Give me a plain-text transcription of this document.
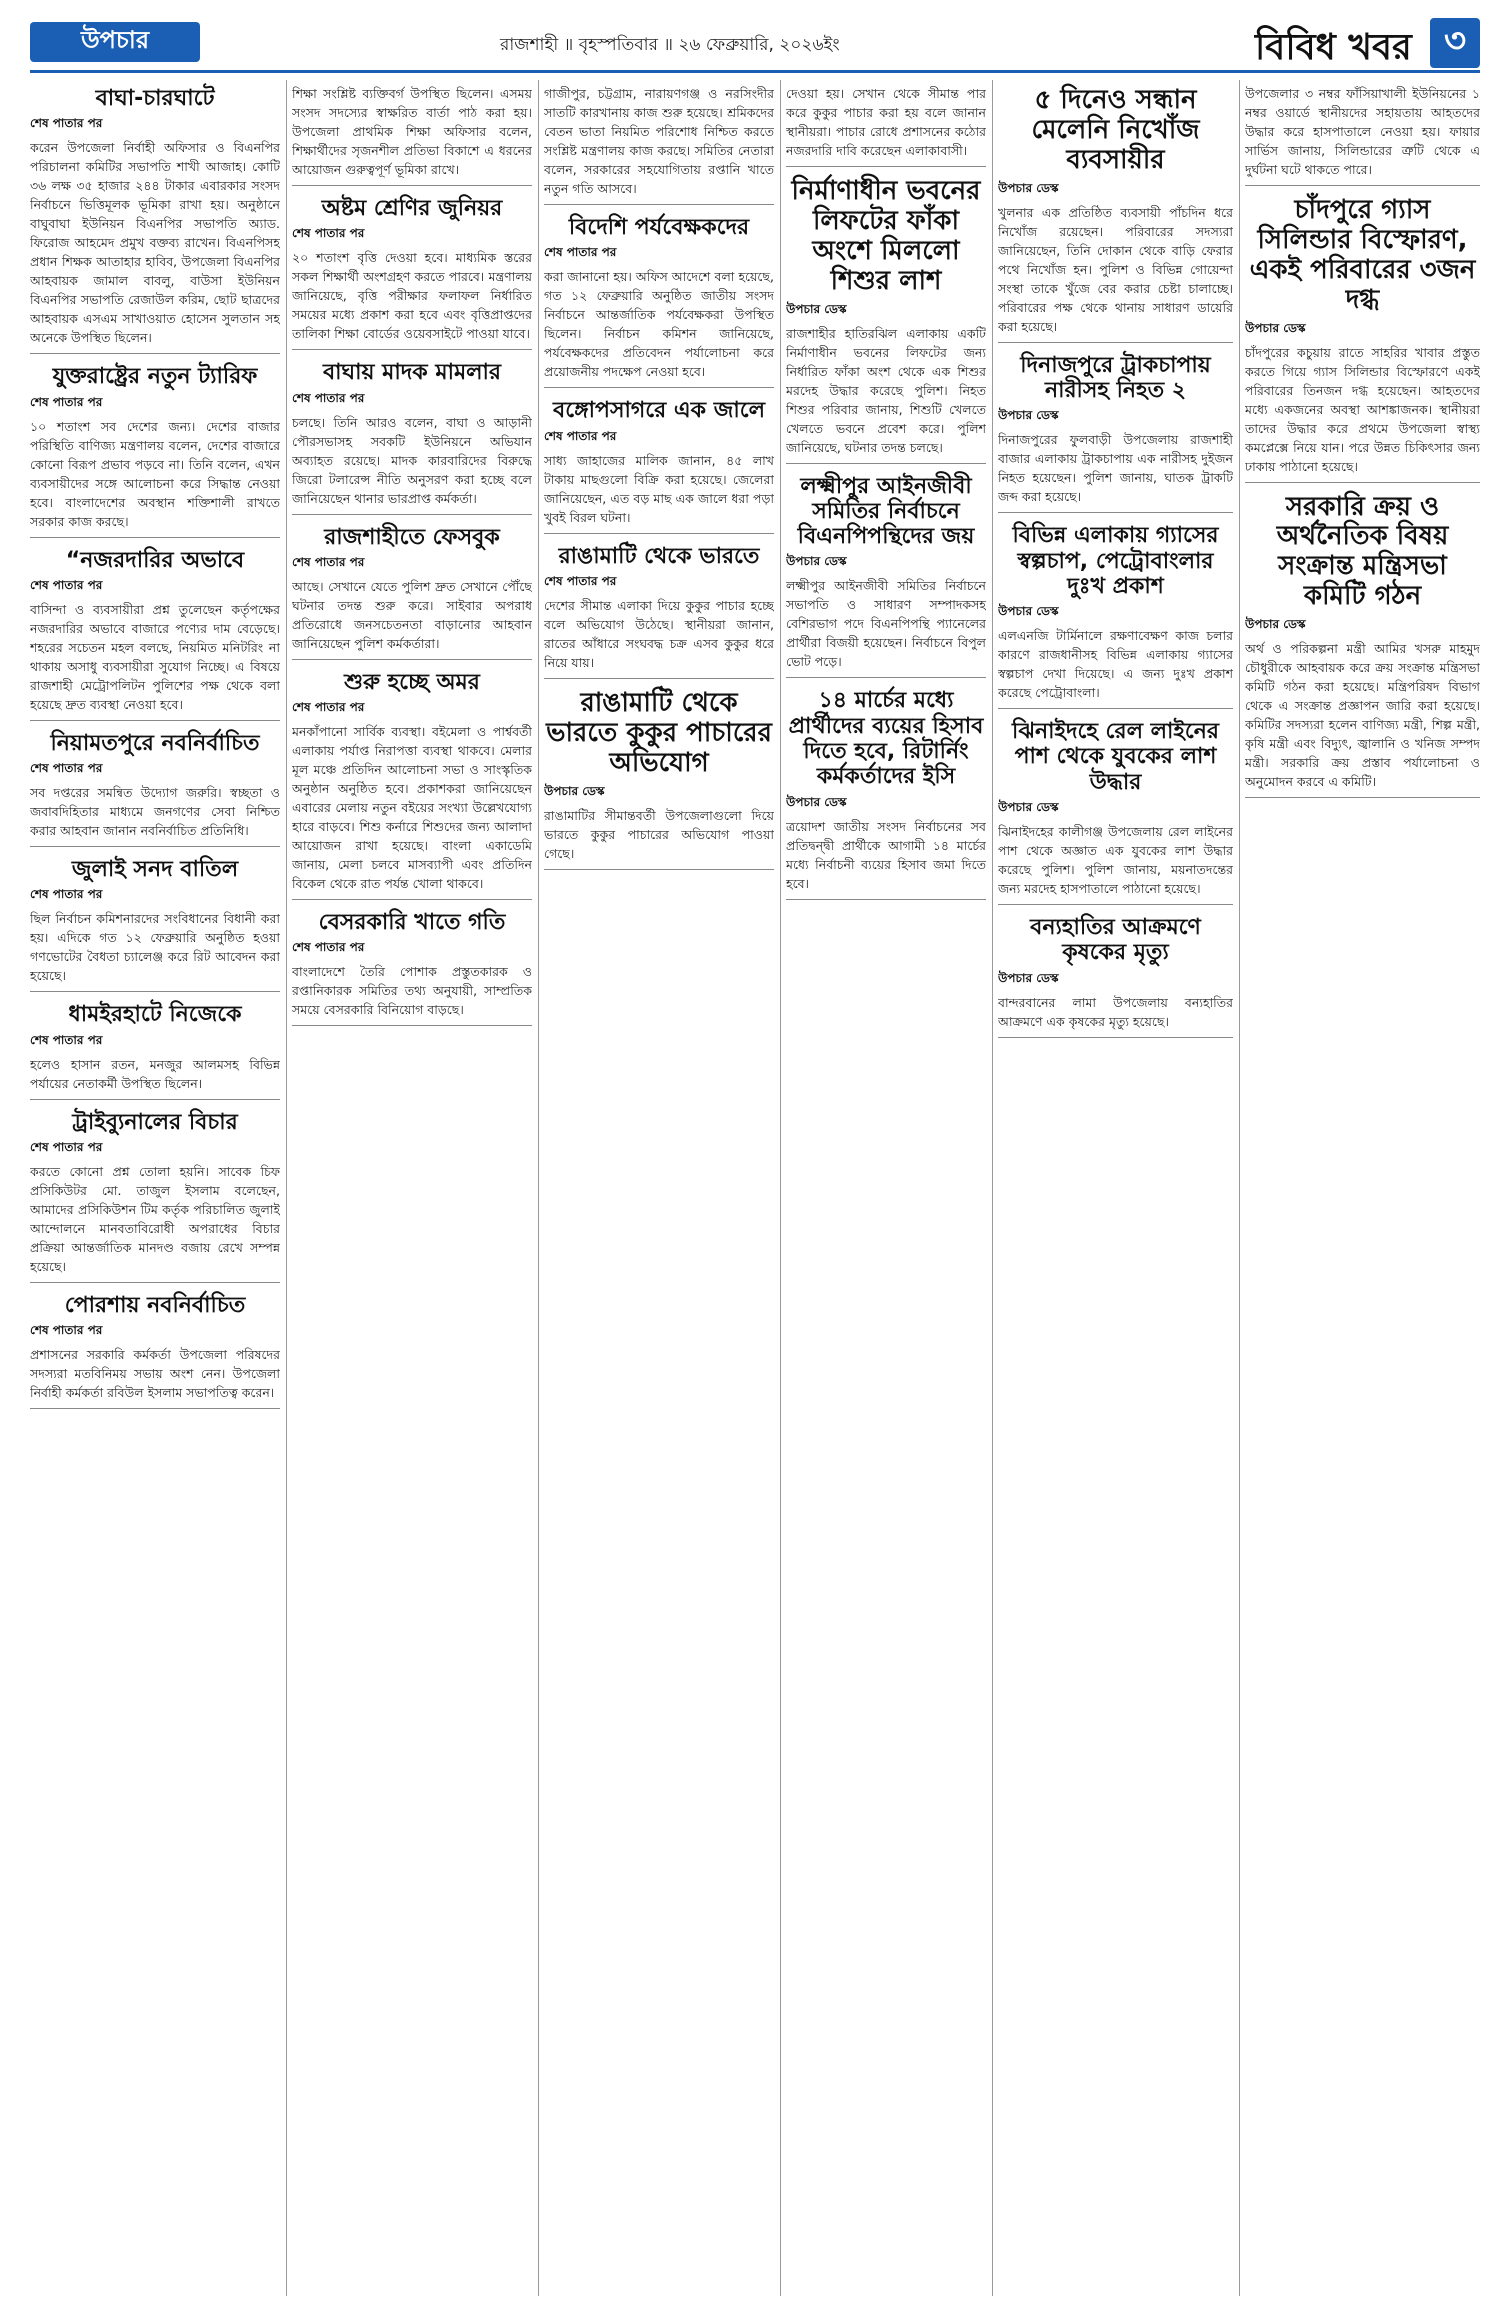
উপচার	রাজশাহী ॥ বৃহস্পতিবার ॥ ২৬ ফেব্রুয়ারি, ২০২৬ইং	বিবিধ খবর ৩
বাঘা-চারঘাটে
শেষ পাতার পর

করেন উপজেলা নির্বাহী অফিসার ও বিএনপির পরিচালনা কমিটির সভাপতি শাখী আজাহ। কোটি ৩৬ লক্ষ ৩৫ হাজার ২৪৪ টাকার এবারকার সংসদ নির্বাচনে ভিত্তিমূলক ভূমিকা রাখা হয়। অনুষ্ঠানে বাঘুবাঘা ইউনিয়ন বিএনপির সভাপতি অ্যাড. ফিরোজ আহমেদ প্রমুখ বক্তব্য রাখেন। বিএনপিসহ প্রধান শিক্ষক আতাহার হাবিব, উপজেলা বিএনপির আহবায়ক জামাল বাবলু, বাউসা ইউনিয়ন বিএনপির সভাপতি রেজাউল করিম, ছোট ছাত্রদের আহবায়ক এসএম সাখাওয়াত হোসেন সুলতান সহ অনেকে উপস্থিত ছিলেন।

যুক্তরাষ্ট্রের নতুন ট্যারিফ
শেষ পাতার পর

১০ শতাংশ সব দেশের জন্য। দেশের বাজার পরিস্থিতি বাণিজ্য মন্ত্রণালয় বলেন, দেশের বাজারে কোনো বিরূপ প্রভাব পড়বে না। তিনি বলেন, এখন ব্যবসায়ীদের সঙ্গে আলোচনা করে সিদ্ধান্ত নেওয়া হবে। বাংলাদেশের অবস্থান শক্তিশালী রাখতে সরকার কাজ করছে।

“নজরদারির অভাবে
শেষ পাতার পর

বাসিন্দা ও ব্যবসায়ীরা প্রশ্ন তুলেছেন কর্তৃপক্ষের নজরদারির অভাবে বাজারে পণ্যের দাম বেড়েছে। শহরের সচেতন মহল বলছে, নিয়মিত মনিটরিং না থাকায় অসাধু ব্যবসায়ীরা সুযোগ নিচ্ছে। এ বিষয়ে রাজশাহী মেট্রোপলিটন পুলিশের পক্ষ থেকে বলা হয়েছে দ্রুত ব্যবস্থা নেওয়া হবে।

নিয়ামতপুরে নবনির্বাচিত
শেষ পাতার পর

সব দপ্তরের সমন্বিত উদ্যোগ জরুরি। স্বচ্ছতা ও জবাবদিহিতার মাধ্যমে জনগণের সেবা নিশ্চিত করার আহবান জানান নবনির্বাচিত প্রতিনিধি।

জুলাই সনদ বাতিল
শেষ পাতার পর

ছিল নির্বাচন কমিশনারদের সংবিধানের বিধানী করা হয়। এদিকে গত ১২ ফেব্রুয়ারি অনুষ্ঠিত হওয়া গণভোটের বৈধতা চ্যালেঞ্জ করে রিট আবেদন করা হয়েছে।

ধামইরহাটে নিজেকে
শেষ পাতার পর

হলেও হাসান রতন, মনজুর আলমসহ বিভিন্ন পর্যায়ের নেতাকর্মী উপস্থিত ছিলেন।

ট্রাইব্যুনালের বিচার
শেষ পাতার পর

করতে কোনো প্রশ্ন তোলা হয়নি। সাবেক চিফ প্রসিকিউটর মো. তাজুল ইসলাম বলেছেন, আমাদের প্রসিকিউশন টিম কর্তৃক পরিচালিত জুলাই আন্দোলনে মানবতাবিরোধী অপরাধের বিচার প্রক্রিয়া আন্তর্জাতিক মানদণ্ড বজায় রেখে সম্পন্ন হয়েছে।

পোরশায় নবনির্বাচিত
শেষ পাতার পর

প্রশাসনের সরকারি কর্মকর্তা উপজেলা পরিষদের সদস্যরা মতবিনিময় সভায় অংশ নেন। উপজেলা নির্বাহী কর্মকর্তা রবিউল ইসলাম সভাপতিত্ব করেন।

শিক্ষা সংশ্লিষ্ট ব্যক্তিবর্গ উপস্থিত ছিলেন। এসময় সংসদ সদস্যের স্বাক্ষরিত বার্তা পাঠ করা হয়। উপজেলা প্রাথমিক শিক্ষা অফিসার বলেন, শিক্ষার্থীদের সৃজনশীল প্রতিভা বিকাশে এ ধরনের আয়োজন গুরুত্বপূর্ণ ভূমিকা রাখে।

অষ্টম শ্রেণির জুনিয়র
শেষ পাতার পর

২০ শতাংশ বৃত্তি দেওয়া হবে। মাধ্যমিক স্তরের সকল শিক্ষার্থী অংশগ্রহণ করতে পারবে। মন্ত্রণালয় জানিয়েছে, বৃত্তি পরীক্ষার ফলাফল নির্ধারিত সময়ের মধ্যে প্রকাশ করা হবে এবং বৃত্তিপ্রাপ্তদের তালিকা শিক্ষা বোর্ডের ওয়েবসাইটে পাওয়া যাবে।

বাঘায় মাদক মামলার
শেষ পাতার পর

চলছে। তিনি আরও বলেন, বাঘা ও আড়ানী পৌরসভাসহ সবকটি ইউনিয়নে অভিযান অব্যাহত রয়েছে। মাদক কারবারিদের বিরুদ্ধে জিরো টলারেন্স নীতি অনুসরণ করা হচ্ছে বলে জানিয়েছেন থানার ভারপ্রাপ্ত কর্মকর্তা।

রাজশাহীতে ফেসবুক
শেষ পাতার পর

আছে। সেখানে যেতে পুলিশ দ্রুত সেখানে পৌঁছে ঘটনার তদন্ত শুরু করে। সাইবার অপরাধ প্রতিরোধে জনসচেতনতা বাড়ানোর আহবান জানিয়েছেন পুলিশ কর্মকর্তারা।

শুরু হচ্ছে অমর
শেষ পাতার পর

মনকাঁপানো সার্বিক ব্যবস্থা। বইমেলা ও পার্শ্ববর্তী এলাকায় পর্যাপ্ত নিরাপত্তা ব্যবস্থা থাকবে। মেলার মূল মঞ্চে প্রতিদিন আলোচনা সভা ও সাংস্কৃতিক অনুষ্ঠান অনুষ্ঠিত হবে। প্রকাশকরা জানিয়েছেন এবারের মেলায় নতুন বইয়ের সংখ্যা উল্লেখযোগ্য হারে বাড়বে। শিশু কর্নারে শিশুদের জন্য আলাদা আয়োজন রাখা হয়েছে। বাংলা একাডেমি জানায়, মেলা চলবে মাসব্যাপী এবং প্রতিদিন বিকেল থেকে রাত পর্যন্ত খোলা থাকবে।

বেসরকারি খাতে গতি
শেষ পাতার পর

বাংলাদেশে তৈরি পোশাক প্রস্তুতকারক ও রপ্তানিকারক সমিতির তথ্য অনুযায়ী, সাম্প্রতিক সময়ে বেসরকারি বিনিয়োগ বাড়ছে।

গাজীপুর, চট্টগ্রাম, নারায়ণগঞ্জ ও নরসিংদীর সাতটি কারখানায় কাজ শুরু হয়েছে। শ্রমিকদের বেতন ভাতা নিয়মিত পরিশোধ নিশ্চিত করতে সংশ্লিষ্ট মন্ত্রণালয় কাজ করছে। সমিতির নেতারা বলেন, সরকারের সহযোগিতায় রপ্তানি খাতে নতুন গতি আসবে।

বিদেশি পর্যবেক্ষকদের
শেষ পাতার পর

করা জানানো হয়। অফিস আদেশে বলা হয়েছে, গত ১২ ফেব্রুয়ারি অনুষ্ঠিত জাতীয় সংসদ নির্বাচনে আন্তর্জাতিক পর্যবেক্ষকরা উপস্থিত ছিলেন। নির্বাচন কমিশন জানিয়েছে, পর্যবেক্ষকদের প্রতিবেদন পর্যালোচনা করে প্রয়োজনীয় পদক্ষেপ নেওয়া হবে।

বঙ্গোপসাগরে এক জালে
শেষ পাতার পর

সাধ্য জাহাজের মালিক জানান, ৪৫ লাখ টাকায় মাছগুলো বিক্রি করা হয়েছে। জেলেরা জানিয়েছেন, এত বড় মাছ এক জালে ধরা পড়া খুবই বিরল ঘটনা।

রাঙামাটি থেকে ভারতে
শেষ পাতার পর

দেশের সীমান্ত এলাকা দিয়ে কুকুর পাচার হচ্ছে বলে অভিযোগ উঠেছে। স্থানীয়রা জানান, রাতের আঁধারে সংঘবদ্ধ চক্র এসব কুকুর ধরে নিয়ে যায়।

রাঙামাটি থেকে ভারতে কুকুর পাচারের অভিযোগ
উপচার ডেস্ক

রাঙামাটির সীমান্তবর্তী উপজেলাগুলো দিয়ে ভারতে কুকুর পাচারের অভিযোগ পাওয়া গেছে।

দেওয়া হয়। সেখান থেকে সীমান্ত পার করে কুকুর পাচার করা হয় বলে জানান স্থানীয়রা। পাচার রোধে প্রশাসনের কঠোর নজরদারি দাবি করেছেন এলাকাবাসী।

নির্মাণাধীন ভবনের লিফটের ফাঁকা অংশে মিললো শিশুর লাশ
উপচার ডেস্ক

রাজশাহীর হাতিরঝিল এলাকায় একটি নির্মাণাধীন ভবনের লিফটের জন্য নির্ধারিত ফাঁকা অংশ থেকে এক শিশুর মরদেহ উদ্ধার করেছে পুলিশ। নিহত শিশুর পরিবার জানায়, শিশুটি খেলতে খেলতে ভবনে প্রবেশ করে। পুলিশ জানিয়েছে, ঘটনার তদন্ত চলছে।

লক্ষ্মীপুর আইনজীবী সমিতির নির্বাচনে বিএনপিপন্থিদের জয়
উপচার ডেস্ক

লক্ষ্মীপুর আইনজীবী সমিতির নির্বাচনে সভাপতি ও সাধারণ সম্পাদকসহ বেশিরভাগ পদে বিএনপিপন্থি প্যানেলের প্রার্থীরা বিজয়ী হয়েছেন। নির্বাচনে বিপুল ভোট পড়ে।

১৪ মার্চের মধ্যে প্রার্থীদের ব্যয়ের হিসাব দিতে হবে, রিটার্নিং কর্মকর্তাদের ইসি
উপচার ডেস্ক

ত্রয়োদশ জাতীয় সংসদ নির্বাচনের সব প্রতিদ্বন্দ্বী প্রার্থীকে আগামী ১৪ মার্চের মধ্যে নির্বাচনী ব্যয়ের হিসাব জমা দিতে হবে।

৫ দিনেও সন্ধান মেলেনি নিখোঁজ ব্যবসায়ীর
উপচার ডেস্ক

খুলনার এক প্রতিষ্ঠিত ব্যবসায়ী পাঁচদিন ধরে নিখোঁজ রয়েছেন। পরিবারের সদস্যরা জানিয়েছেন, তিনি দোকান থেকে বাড়ি ফেরার পথে নিখোঁজ হন। পুলিশ ও বিভিন্ন গোয়েন্দা সংস্থা তাকে খুঁজে বের করার চেষ্টা চালাচ্ছে। পরিবারের পক্ষ থেকে থানায় সাধারণ ডায়েরি করা হয়েছে।

দিনাজপুরে ট্রাকচাপায় নারীসহ নিহত ২
উপচার ডেস্ক

দিনাজপুরের ফুলবাড়ী উপজেলায় রাজশাহী বাজার এলাকায় ট্রাকচাপায় এক নারীসহ দুইজন নিহত হয়েছেন। পুলিশ জানায়, ঘাতক ট্রাকটি জব্দ করা হয়েছে।

বিভিন্ন এলাকায় গ্যাসের স্বল্পচাপ, পেট্রোবাংলার দুঃখ প্রকাশ
উপচার ডেস্ক

এলএনজি টার্মিনালে রক্ষণাবেক্ষণ কাজ চলার কারণে রাজধানীসহ বিভিন্ন এলাকায় গ্যাসের স্বল্পচাপ দেখা দিয়েছে। এ জন্য দুঃখ প্রকাশ করেছে পেট্রোবাংলা।

ঝিনাইদহে রেল লাইনের পাশ থেকে যুবকের লাশ উদ্ধার
উপচার ডেস্ক

ঝিনাইদহের কালীগঞ্জ উপজেলায় রেল লাইনের পাশ থেকে অজ্ঞাত এক যুবকের লাশ উদ্ধার করেছে পুলিশ। পুলিশ জানায়, ময়নাতদন্তের জন্য মরদেহ হাসপাতালে পাঠানো হয়েছে।

বন্যহাতির আক্রমণে কৃষকের মৃত্যু
উপচার ডেস্ক

বান্দরবানের লামা উপজেলায় বন্যহাতির আক্রমণে এক কৃষকের মৃত্যু হয়েছে।

উপজেলার ৩ নম্বর ফাঁসিয়াখালী ইউনিয়নের ১ নম্বর ওয়ার্ডে স্থানীয়দের সহায়তায় আহতদের উদ্ধার করে হাসপাতালে নেওয়া হয়। ফায়ার সার্ভিস জানায়, সিলিন্ডারের ত্রুটি থেকে এ দুর্ঘটনা ঘটে থাকতে পারে।

চাঁদপুরে গ্যাস সিলিন্ডার বিস্ফোরণ, একই পরিবারের ৩জন দগ্ধ
উপচার ডেস্ক

চাঁদপুরের কচুয়ায় রাতে সাহরির খাবার প্রস্তুত করতে গিয়ে গ্যাস সিলিন্ডার বিস্ফোরণে একই পরিবারের তিনজন দগ্ধ হয়েছেন। আহতদের মধ্যে একজনের অবস্থা আশঙ্কাজনক। স্থানীয়রা তাদের উদ্ধার করে প্রথমে উপজেলা স্বাস্থ্য কমপ্লেক্সে নিয়ে যান। পরে উন্নত চিকিৎসার জন্য ঢাকায় পাঠানো হয়েছে।

সরকারি ক্রয় ও অর্থনৈতিক বিষয় সংক্রান্ত মন্ত্রিসভা কমিটি গঠন
উপচার ডেস্ক

অর্থ ও পরিকল্পনা মন্ত্রী আমির খসরু মাহমুদ চৌধুরীকে আহবায়ক করে ক্রয় সংক্রান্ত মন্ত্রিসভা কমিটি গঠন করা হয়েছে। মন্ত্রিপরিষদ বিভাগ থেকে এ সংক্রান্ত প্রজ্ঞাপন জারি করা হয়েছে। কমিটির সদস্যরা হলেন বাণিজ্য মন্ত্রী, শিল্প মন্ত্রী, কৃষি মন্ত্রী এবং বিদ্যুৎ, জ্বালানি ও খনিজ সম্পদ মন্ত্রী। সরকারি ক্রয় প্রস্তাব পর্যালোচনা ও অনুমোদন করবে এ কমিটি।
